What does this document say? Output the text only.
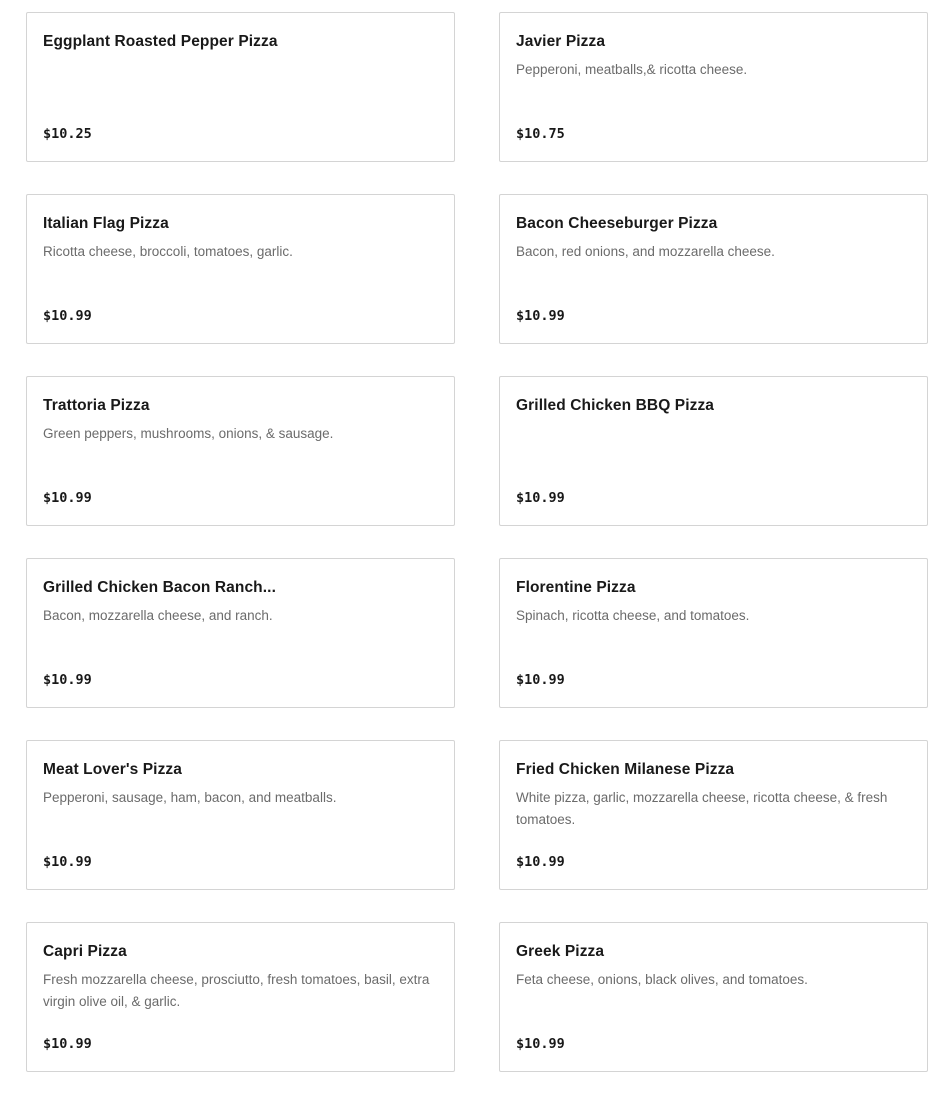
Eggplant Roasted Pepper Pizza
$10.25
Javier Pizza
Pepperoni, meatballs,& ricotta cheese.
$10.75
Italian Flag Pizza
Ricotta cheese, broccoli, tomatoes, garlic.
$10.99
Bacon Cheeseburger Pizza
Bacon, red onions, and mozzarella cheese.
$10.99
Trattoria Pizza
Green peppers, mushrooms, onions, & sausage.
$10.99
Grilled Chicken BBQ Pizza
$10.99
Grilled Chicken Bacon Ranch...
Bacon, mozzarella cheese, and ranch.
$10.99
Florentine Pizza
Spinach, ricotta cheese, and tomatoes.
$10.99
Meat Lover's Pizza
Pepperoni, sausage, ham, bacon, and meatballs.
$10.99
Fried Chicken Milanese Pizza
White pizza, garlic, mozzarella cheese, ricotta cheese, & fresh tomatoes.
$10.99
Capri Pizza
Fresh mozzarella cheese, prosciutto, fresh tomatoes, basil, extra virgin olive oil, & garlic.
$10.99
Greek Pizza
Feta cheese, onions, black olives, and tomatoes.
$10.99
